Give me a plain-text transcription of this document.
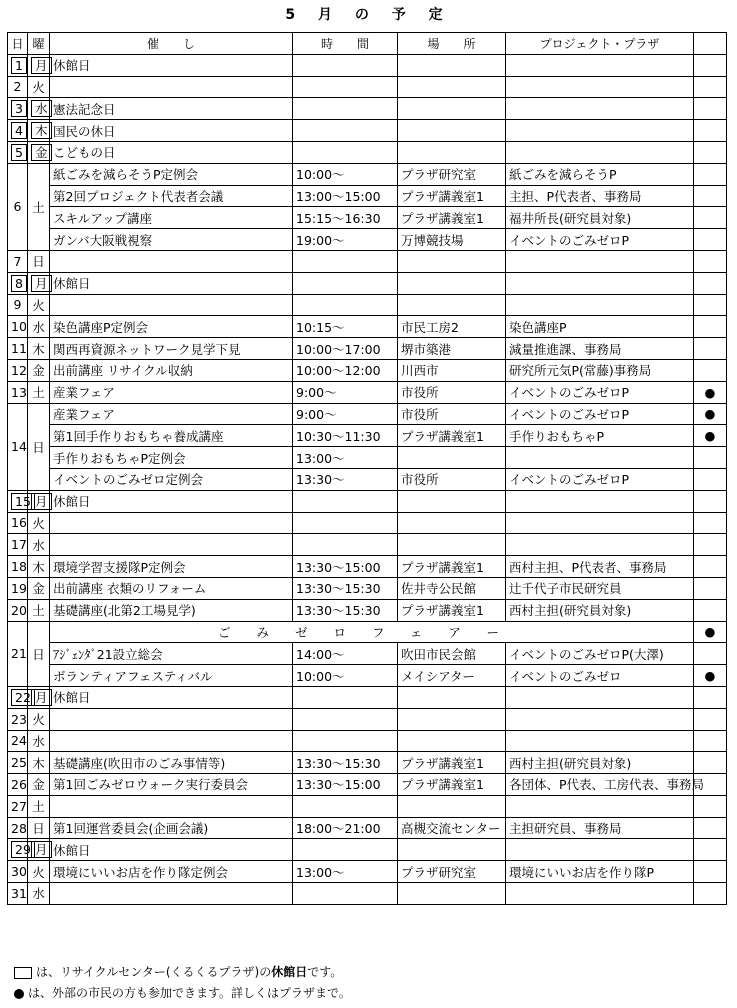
5 月 の 予 定
日	曜	催　　し	時　　間	場　　所	プロジェクト・プラザ	
1	月	休館日				
2	火					
3	水	憲法記念日				
4	木	国民の休日				
5	金	こどもの日				
6	土	紙ごみを減らそうP定例会	10:00～	プラザ研究室	紙ごみを減らそうP	
		第2回プロジェクト代表者会議	13:00～15:00	プラザ講義室1	主担、P代表者、事務局	
		スキルアップ講座	15:15～16:30	プラザ講義室1	福井所長(研究員対象)	
		ガンバ大阪戦視察	19:00～	万博競技場	イベントのごみゼロP	
7	日					
8	月	休館日				
9	火					
10	水	染色講座P定例会	10:15～	市民工房2	染色講座P	
11	木	関西再資源ネットワーク見学下見	10:00～17:00	堺市築港	減量推進課、事務局	
12	金	出前講座 リサイクル収納	10:00～12:00	川西市	研究所元気P(常藤)事務局	
13	土	産業フェア	9:00～	市役所	イベントのごみゼロP	●
14	日	産業フェア	9:00～	市役所	イベントのごみゼロP	●
		第1回手作りおもちゃ養成講座	10:30～11:30	プラザ講義室1	手作りおもちゃP	●
		手作りおもちゃP定例会	13:00～			
		イベントのごみゼロ定例会	13:30～	市役所	イベントのごみゼロP	
15	月	休館日				
16	火					
17	水					
18	木	環境学習支援隊P定例会	13:30～15:00	プラザ講義室1	西村主担、P代表者、事務局	
19	金	出前講座 衣類のリフォーム	13:30～15:30	佐井寺公民館	辻千代子市民研究員	
20	土	基礎講座(北第2工場見学)	13:30～15:30	プラザ講義室1	西村主担(研究員対象)	
21	日	ごみゼロフェアー				●
		ｱｼﾞｪﾝﾀﾞ21設立総会	14:00～	吹田市民会館	イベントのごみゼロP(大澤)	
		ボランティアフェスティバル	10:00～	メイシアター	イベントのごみゼロ	●
22	月	休館日				
23	火					
24	水					
25	木	基礎講座(吹田市のごみ事情等)	13:30～15:30	プラザ講義室1	西村主担(研究員対象)	
26	金	第1回ごみゼロウォーク実行委員会	13:30～15:00	プラザ講義室1	各団体、P代表、工房代表、事務局	
27	土					
28	日	第1回運営委員会(企画会議)	18:00～21:00	高槻交流センター	主担研究員、事務局	
29	月	休館日				
30	火	環境にいいお店を作り隊定例会	13:00～	プラザ研究室	環境にいいお店を作り隊P	
31	水					
は、リサイクルセンター(くるくるプラザ)の休館日です。
は、外部の市民の方も参加できます。詳しくはプラザまで。
